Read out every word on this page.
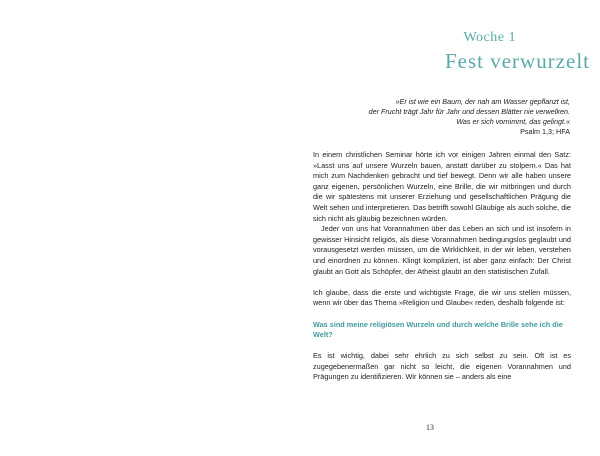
Woche 1
Fest verwurzelt
»Er ist wie ein Baum, der nah am Wasser gepflanzt ist,
der Frucht trägt Jahr für Jahr und dessen Blätter nie verwelken.
Was er sich vornimmt, das gelingt.«
Psalm 1,3; HFA

In einem christlichen Seminar hörte ich vor einigen Jahren einmal den Satz: »Lasst uns auf unsere Wurzeln bauen, anstatt darüber zu stolpern.« Das hat mich zum Nachdenken gebracht und tief bewegt. Denn wir alle haben unsere ganz eigenen, persönlichen Wurzeln, eine Brille, die wir mitbringen und durch die wir spätestens mit unserer Erziehung und gesellschaftlichen Prägung die Welt sehen und interpretieren. Das betrifft sowohl Gläubige als auch solche, die sich nicht als gläubig bezeichnen würden.

Jeder von uns hat Vorannahmen über das Leben an sich und ist insofern in gewisser Hinsicht religiös, als diese Vorannahmen bedingungslos geglaubt und vorausgesetzt werden müssen, um die Wirklichkeit, in der wir leben, verstehen und einordnen zu können. Klingt kompliziert, ist aber ganz einfach: Der Christ glaubt an Gott als Schöpfer, der Atheist glaubt an den statistischen Zufall.

Ich glaube, dass die erste und wichtigste Frage, die wir uns stellen müssen, wenn wir über das Thema »Religion und Glaube« reden, deshalb folgende ist:

Was sind meine religiösen Wurzeln und durch welche Brille sehe ich die Welt?

Es ist wichtig, dabei sehr ehrlich zu sich selbst zu sein. Oft ist es zugegebenermaßen gar nicht so leicht, die eigenen Vorannahmen und Prägungen zu identifizieren. Wir können sie – anders als eine

13
